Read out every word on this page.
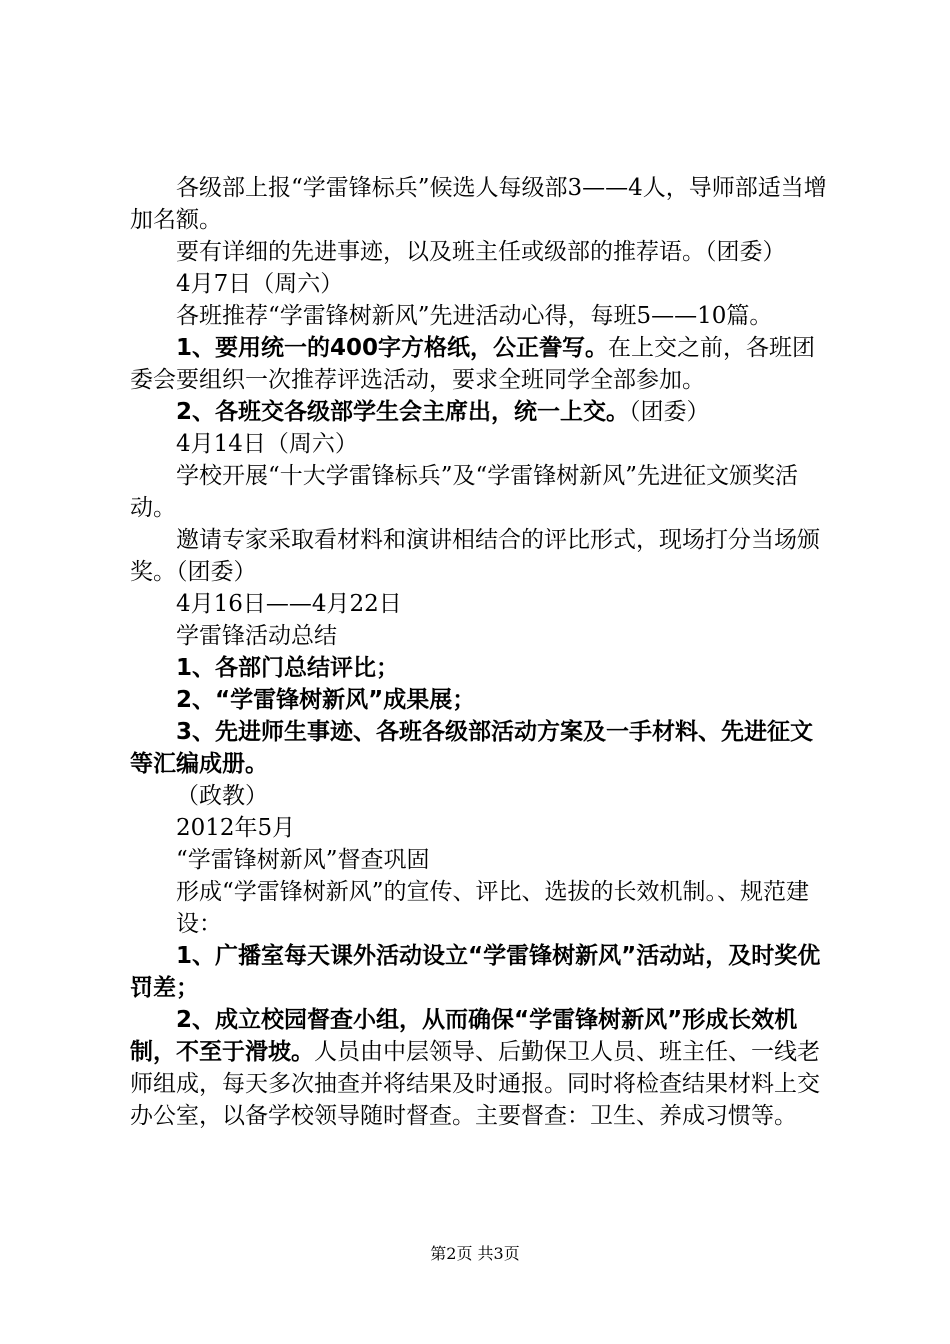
各级部上报“学雷锋标兵”候选人每级部3——4人，导师部适当增加名额。

要有详细的先进事迹，以及班主任或级部的推荐语。（团委）

4月7日（周六）

各班推荐“学雷锋树新风”先进活动心得，每班5——10篇。

1、要用统一的400字方格纸，公正誊写。在上交之前，各班团委会要组织一次推荐评选活动，要求全班同学全部参加。

2、各班交各级部学生会主席出，统一上交。（团委）

4月14日（周六）

学校开展“十大学雷锋标兵”及“学雷锋树新风”先进征文颁奖活动。

邀请专家采取看材料和演讲相结合的评比形式，现场打分当场颁奖。（团委）

4月16日——4月22日

学雷锋活动总结

1、各部门总结评比；

2、“学雷锋树新风”成果展；

3、先进师生事迹、各班各级部活动方案及一手材料、先进征文等汇编成册。

（政教）

2012年5月

“学雷锋树新风”督查巩固

形成“学雷锋树新风”的宣传、评比、选拔的长效机制。、规范建设：

1、广播室每天课外活动设立“学雷锋树新风”活动站，及时奖优罚差；

2、成立校园督查小组，从而确保“学雷锋树新风”形成长效机制，不至于滑坡。人员由中层领导、后勤保卫人员、班主任、一线老师组成，每天多次抽查并将结果及时通报。同时将检查结果材料上交办公室，以备学校领导随时督查。主要督查：卫生、养成习惯等。

第2页 共3页
